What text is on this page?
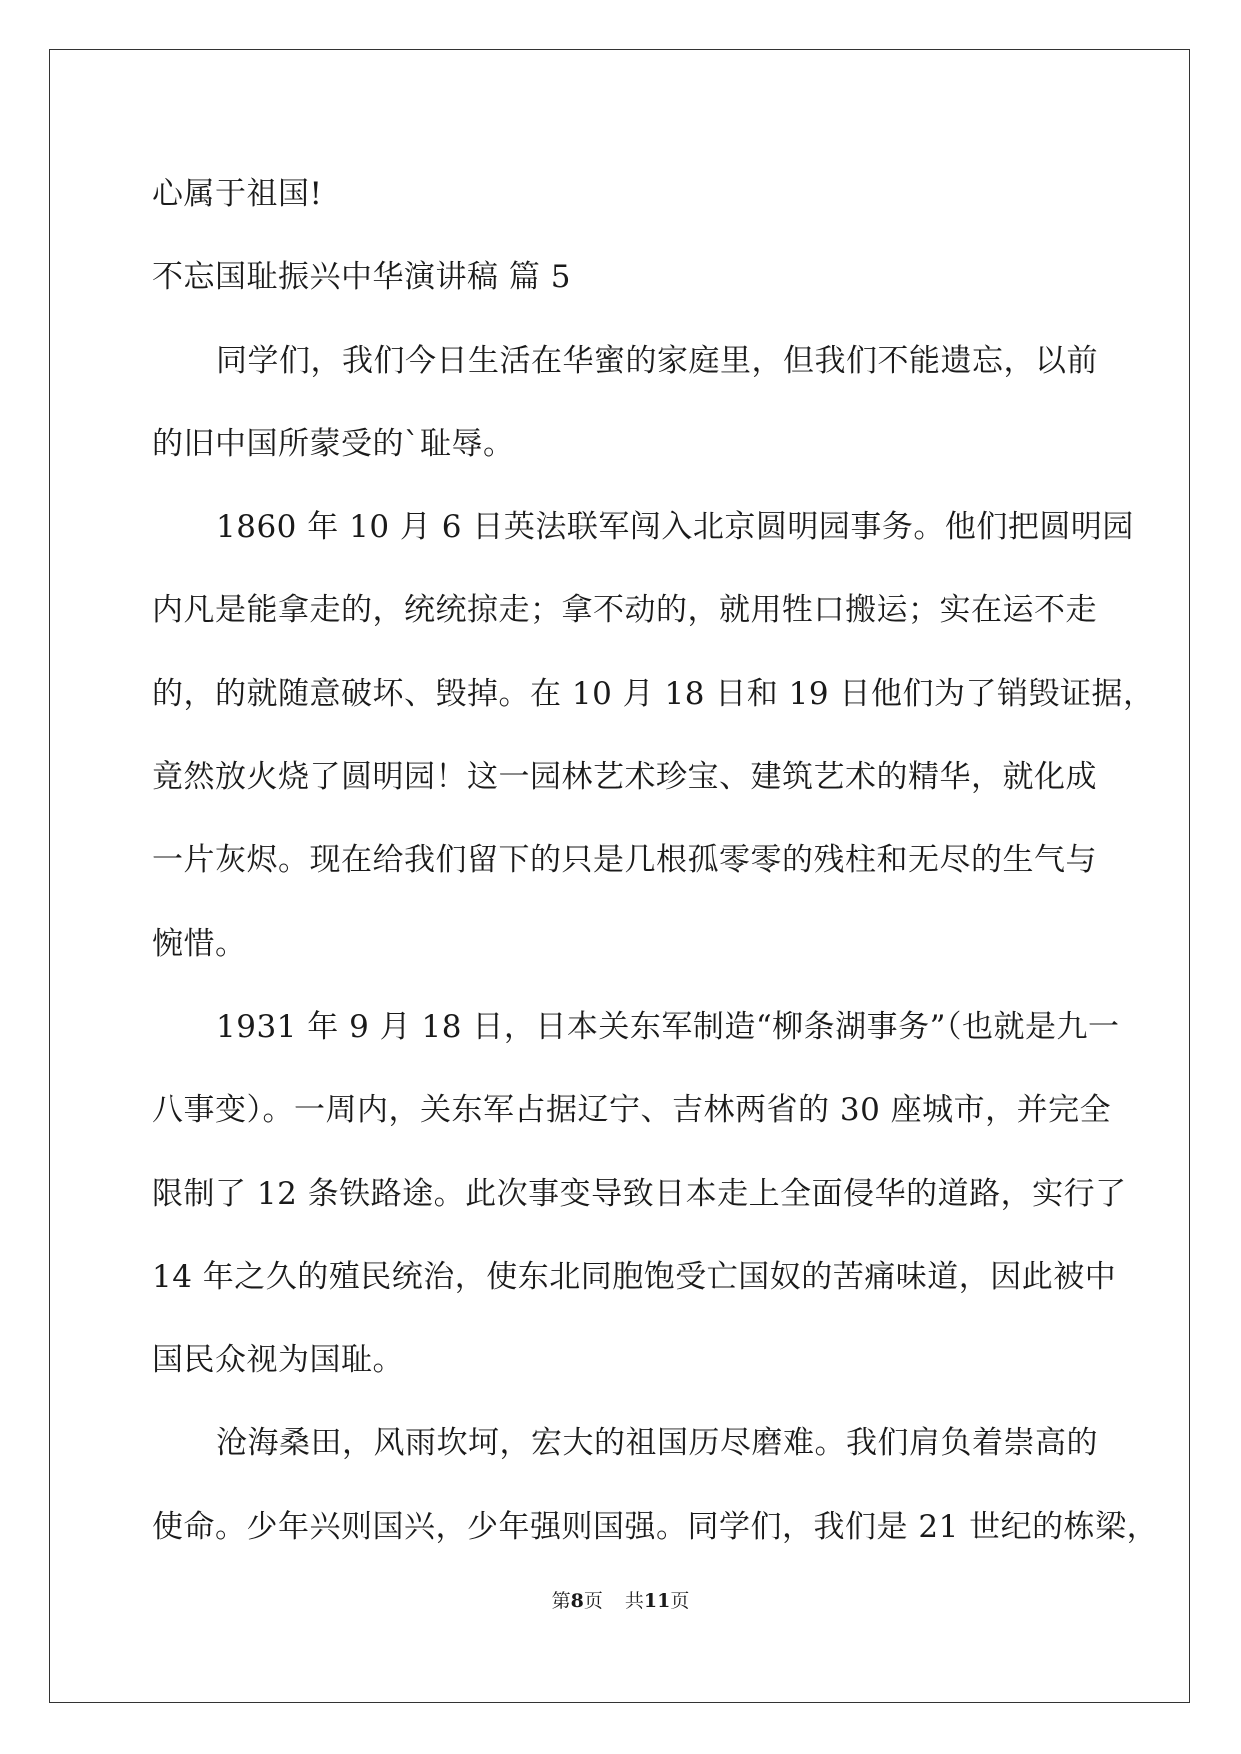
心属于祖国!
不忘国耻振兴中华演讲稿 篇 5
同学们，我们今日生活在华蜜的家庭里，但我们不能遗忘，以前
的旧中国所蒙受的`耻辱。
1860 年 10 月 6 日英法联军闯入北京圆明园事务。他们把圆明园
内凡是能拿走的，统统掠走；拿不动的，就用牲口搬运；实在运不走
的，的就随意破坏、毁掉。在 10 月 18 日和 19 日他们为了销毁证据，
竟然放火烧了圆明园！这一园林艺术珍宝、建筑艺术的精华，就化成
一片灰烬。现在给我们留下的只是几根孤零零的残柱和无尽的生气与
惋惜。
1931 年 9 月 18 日，日本关东军制造“柳条湖事务”（也就是九一
八事变）。一周内，关东军占据辽宁、吉林两省的 30 座城市，并完全
限制了 12 条铁路途。此次事变导致日本走上全面侵华的道路，实行了
14 年之久的殖民统治，使东北同胞饱受亡国奴的苦痛味道，因此被中
国民众视为国耻。
沧海桑田，风雨坎坷，宏大的祖国历尽磨难。我们肩负着崇高的
使命。少年兴则国兴，少年强则国强。同学们，我们是 21 世纪的栋梁，
第8页 共11页
